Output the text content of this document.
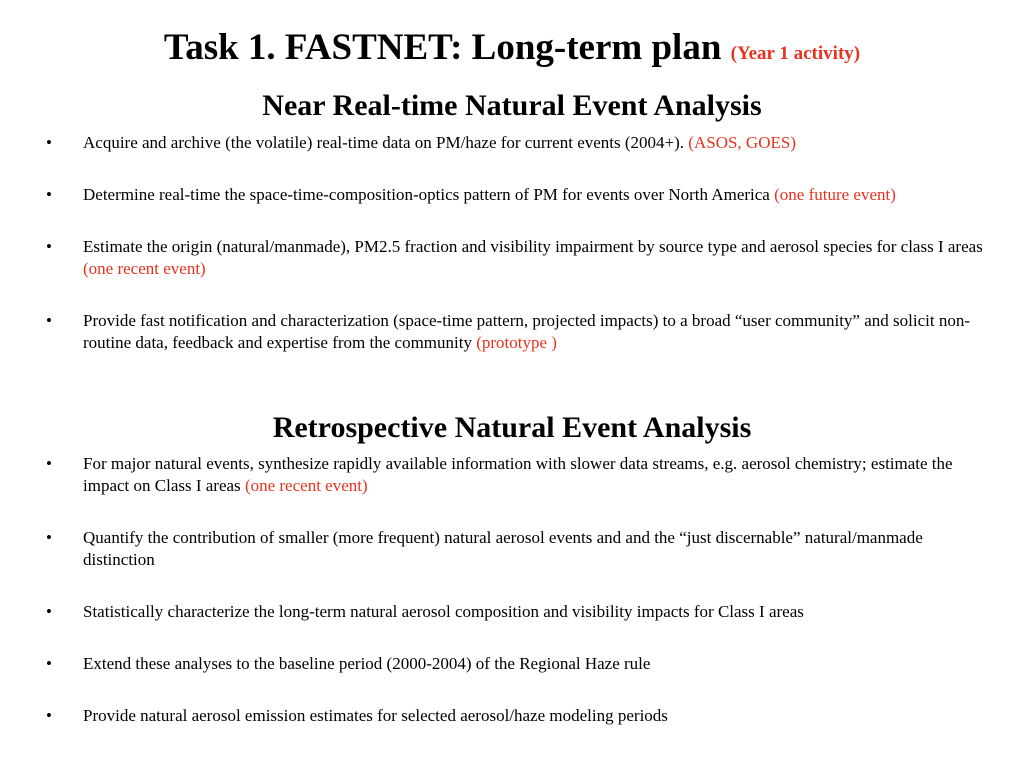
Task 1. FASTNET: Long-term plan (Year 1 activity)
Near Real-time Natural Event Analysis
• Acquire and archive (the volatile) real-time data on PM/haze for current events (2004+). (ASOS, GOES)
• Determine real-time the space-time-composition-optics pattern of PM for events over North America (one future event)
• Estimate the origin (natural/manmade), PM2.5 fraction and visibility impairment by source type and aerosol species for class I areas (one recent event)
• Provide fast notification and characterization (space-time pattern, projected impacts) to a broad “user community” and solicit non-routine data, feedback and expertise from the community (prototype )
Retrospective Natural Event Analysis
• For major natural events, synthesize rapidly available information with slower data streams, e.g. aerosol chemistry; estimate the impact on Class I areas (one recent event)
• Quantify the contribution of smaller (more frequent) natural aerosol events and and the “just discernable” natural/manmade distinction
• Statistically characterize the long-term natural aerosol composition and visibility impacts for Class I areas
• Extend these analyses to the baseline period (2000-2004) of the Regional Haze rule
• Provide natural aerosol emission estimates for selected aerosol/haze modeling periods
